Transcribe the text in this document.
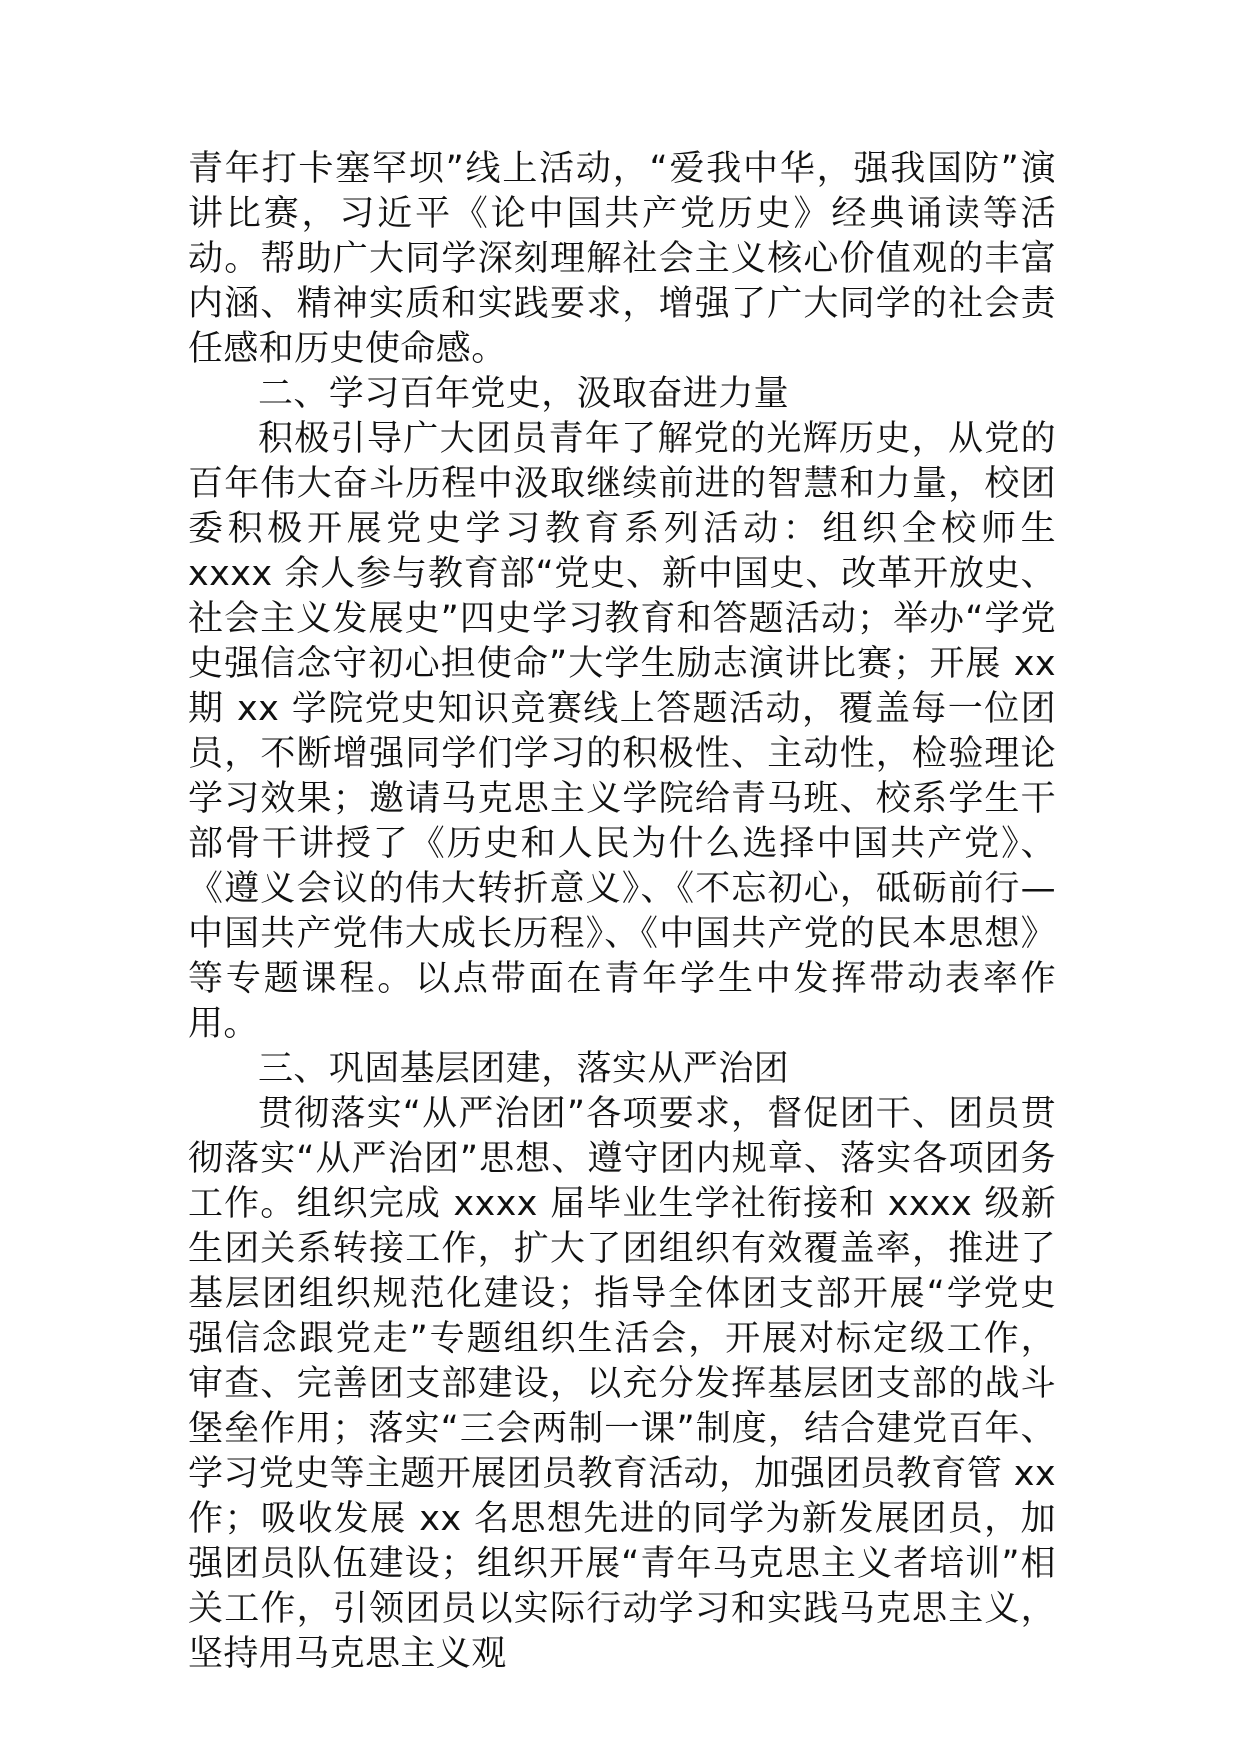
青年打卡塞罕坝”线上活动，“爱我中华，强我国防”演讲比赛，习近平《论中国共产党历史》经典诵读等活动。帮助广大同学深刻理解社会主义核心价值观的丰富内涵、精神实质和实践要求，增强了广大同学的社会责任感和历史使命感。

二、学习百年党史，汲取奋进力量

积极引导广大团员青年了解党的光辉历史，从党的百年伟大奋斗历程中汲取继续前进的智慧和力量，校团委积极开展党史学习教育系列活动：组织全校师生 xxxx 余人参与教育部“党史、新中国史、改革开放史、社会主义发展史”四史学习教育和答题活动；举办“学党史强信念守初心担使命”大学生励志演讲比赛；开展 xx 期 xx 学院党史知识竞赛线上答题活动，覆盖每一位团员，不断增强同学们学习的积极性、主动性，检验理论学习效果；邀请马克思主义学院给青马班、校系学生干部骨干讲授了《历史和人民为什么选择中国共产党》、《遵义会议的伟大转折意义》、《不忘初心，砥砺前行—中国共产党伟大成长历程》、《中国共产党的民本思想》等专题课程。以点带面在青年学生中发挥带动表率作用。

三、巩固基层团建，落实从严治团

贯彻落实“从严治团”各项要求，督促团干、团员贯彻落实“从严治团”思想、遵守团内规章、落实各项团务工作。组织完成 xxxx 届毕业生学社衔接和 xxxx 级新生团关系转接工作，扩大了团组织有效覆盖率，推进了基层团组织规范化建设；指导全体团支部开展“学党史强信念跟党走”专题组织生活会，开展对标定级工作，审查、完善团支部建设，以充分发挥基层团支部的战斗堡垒作用；落实“三会两制一课”制度，结合建党百年、学习党史等主题开展团员教育活动，加强团员教育管 xx 作；吸收发展 xx 名思想先进的同学为新发展团员，加强团员队伍建设；组织开展“青年马克思主义者培训”相关工作，引领团员以实际行动学习和实践马克思主义，坚持用马克思主义观
